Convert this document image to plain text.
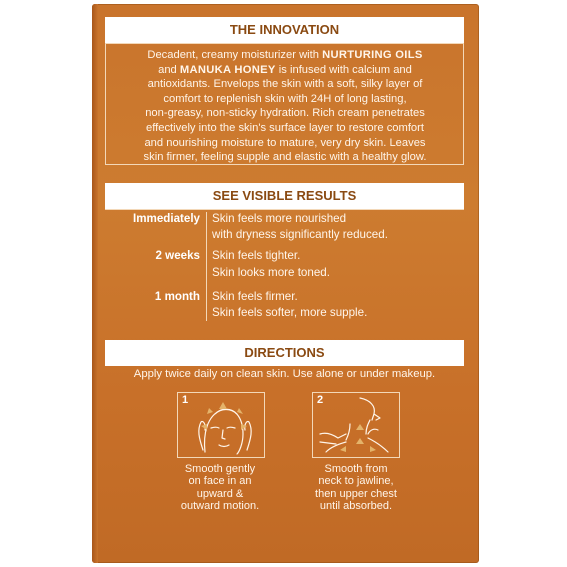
THE INNOVATION
Decadent, creamy moisturizer with NURTURING OILS
and MANUKA HONEY is infused with calcium and
antioxidants. Envelops the skin with a soft, silky layer of
comfort to replenish skin with 24H of long lasting,
non-greasy, non-sticky hydration. Rich cream penetrates
effectively into the skin's surface layer to restore comfort
and nourishing moisture to mature, very dry skin. Leaves
skin firmer, feeling supple and elastic with a healthy glow.
SEE VISIBLE RESULTS
Immediately Skin feels more nourished
with dryness significantly reduced.
2 weeks Skin feels tighter.
Skin looks more toned.
1 month Skin feels firmer.
Skin feels softer, more supple.
DIRECTIONS
Apply twice daily on clean skin. Use alone or under makeup.
1
Smooth gently
on face in an
upward &
outward motion.
2
Smooth from
neck to jawline,
then upper chest
until absorbed.
